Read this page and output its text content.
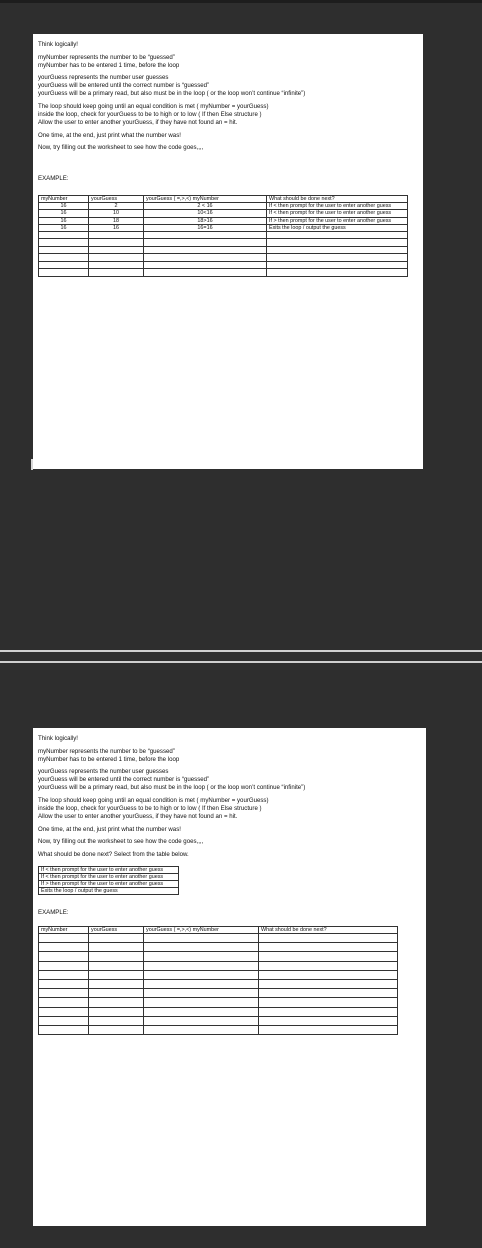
Think logically!

myNumber represents the number to be “guessed”

myNumber has to be entered 1 time, before the loop

yourGuess represents the number user guesses

yourGuess will be entered until the correct number is “guessed”

yourGuess will be a primary read, but also must be in the loop ( or the loop won’t continue “infinite”)

The loop should keep going until an equal condition is met ( myNumber = yourGuess)

inside the loop, check for yourGuess to be to high or to low ( If then Else structure )

Allow the user to enter another yourGuess, if they have not found an = hit.

One time, at the end, just print what the number was!

Now, try filling out the worksheet to see how the code goes,,,,

EXAMPLE:

myNumber	yourGuess	yourGuess ( =,>,<) myNumber	What should be done next?
16	2	2 < 16	If < then prompt for the user to enter another guess
16	10	10<16	If < then prompt for the user to enter another guess
16	18	18>16	If > then prompt for the user to enter another guess
16	16	16=16	Exits the loop / output the guess

Think logically!

myNumber represents the number to be “guessed”

myNumber has to be entered 1 time, before the loop

yourGuess represents the number user guesses

yourGuess will be entered until the correct number is “guessed”

yourGuess will be a primary read, but also must be in the loop ( or the loop won’t continue “infinite”)

The loop should keep going until an equal condition is met ( myNumber = yourGuess)

inside the loop, check for yourGuess to be to high or to low ( If then Else structure )

Allow the user to enter another yourGuess, if they have not found an = hit.

One time, at the end, just print what the number was!

Now, try filling out the worksheet to see how the code goes,,,,

What should be done next? Select from the table below.

If < then prompt for the user to enter another guess
If < then prompt for the user to enter another guess
If > then prompt for the user to enter another guess
Exits the loop / output the guess

EXAMPLE:

myNumber	yourGuess	yourGuess ( =,>,<) myNumber	What should be done next?
